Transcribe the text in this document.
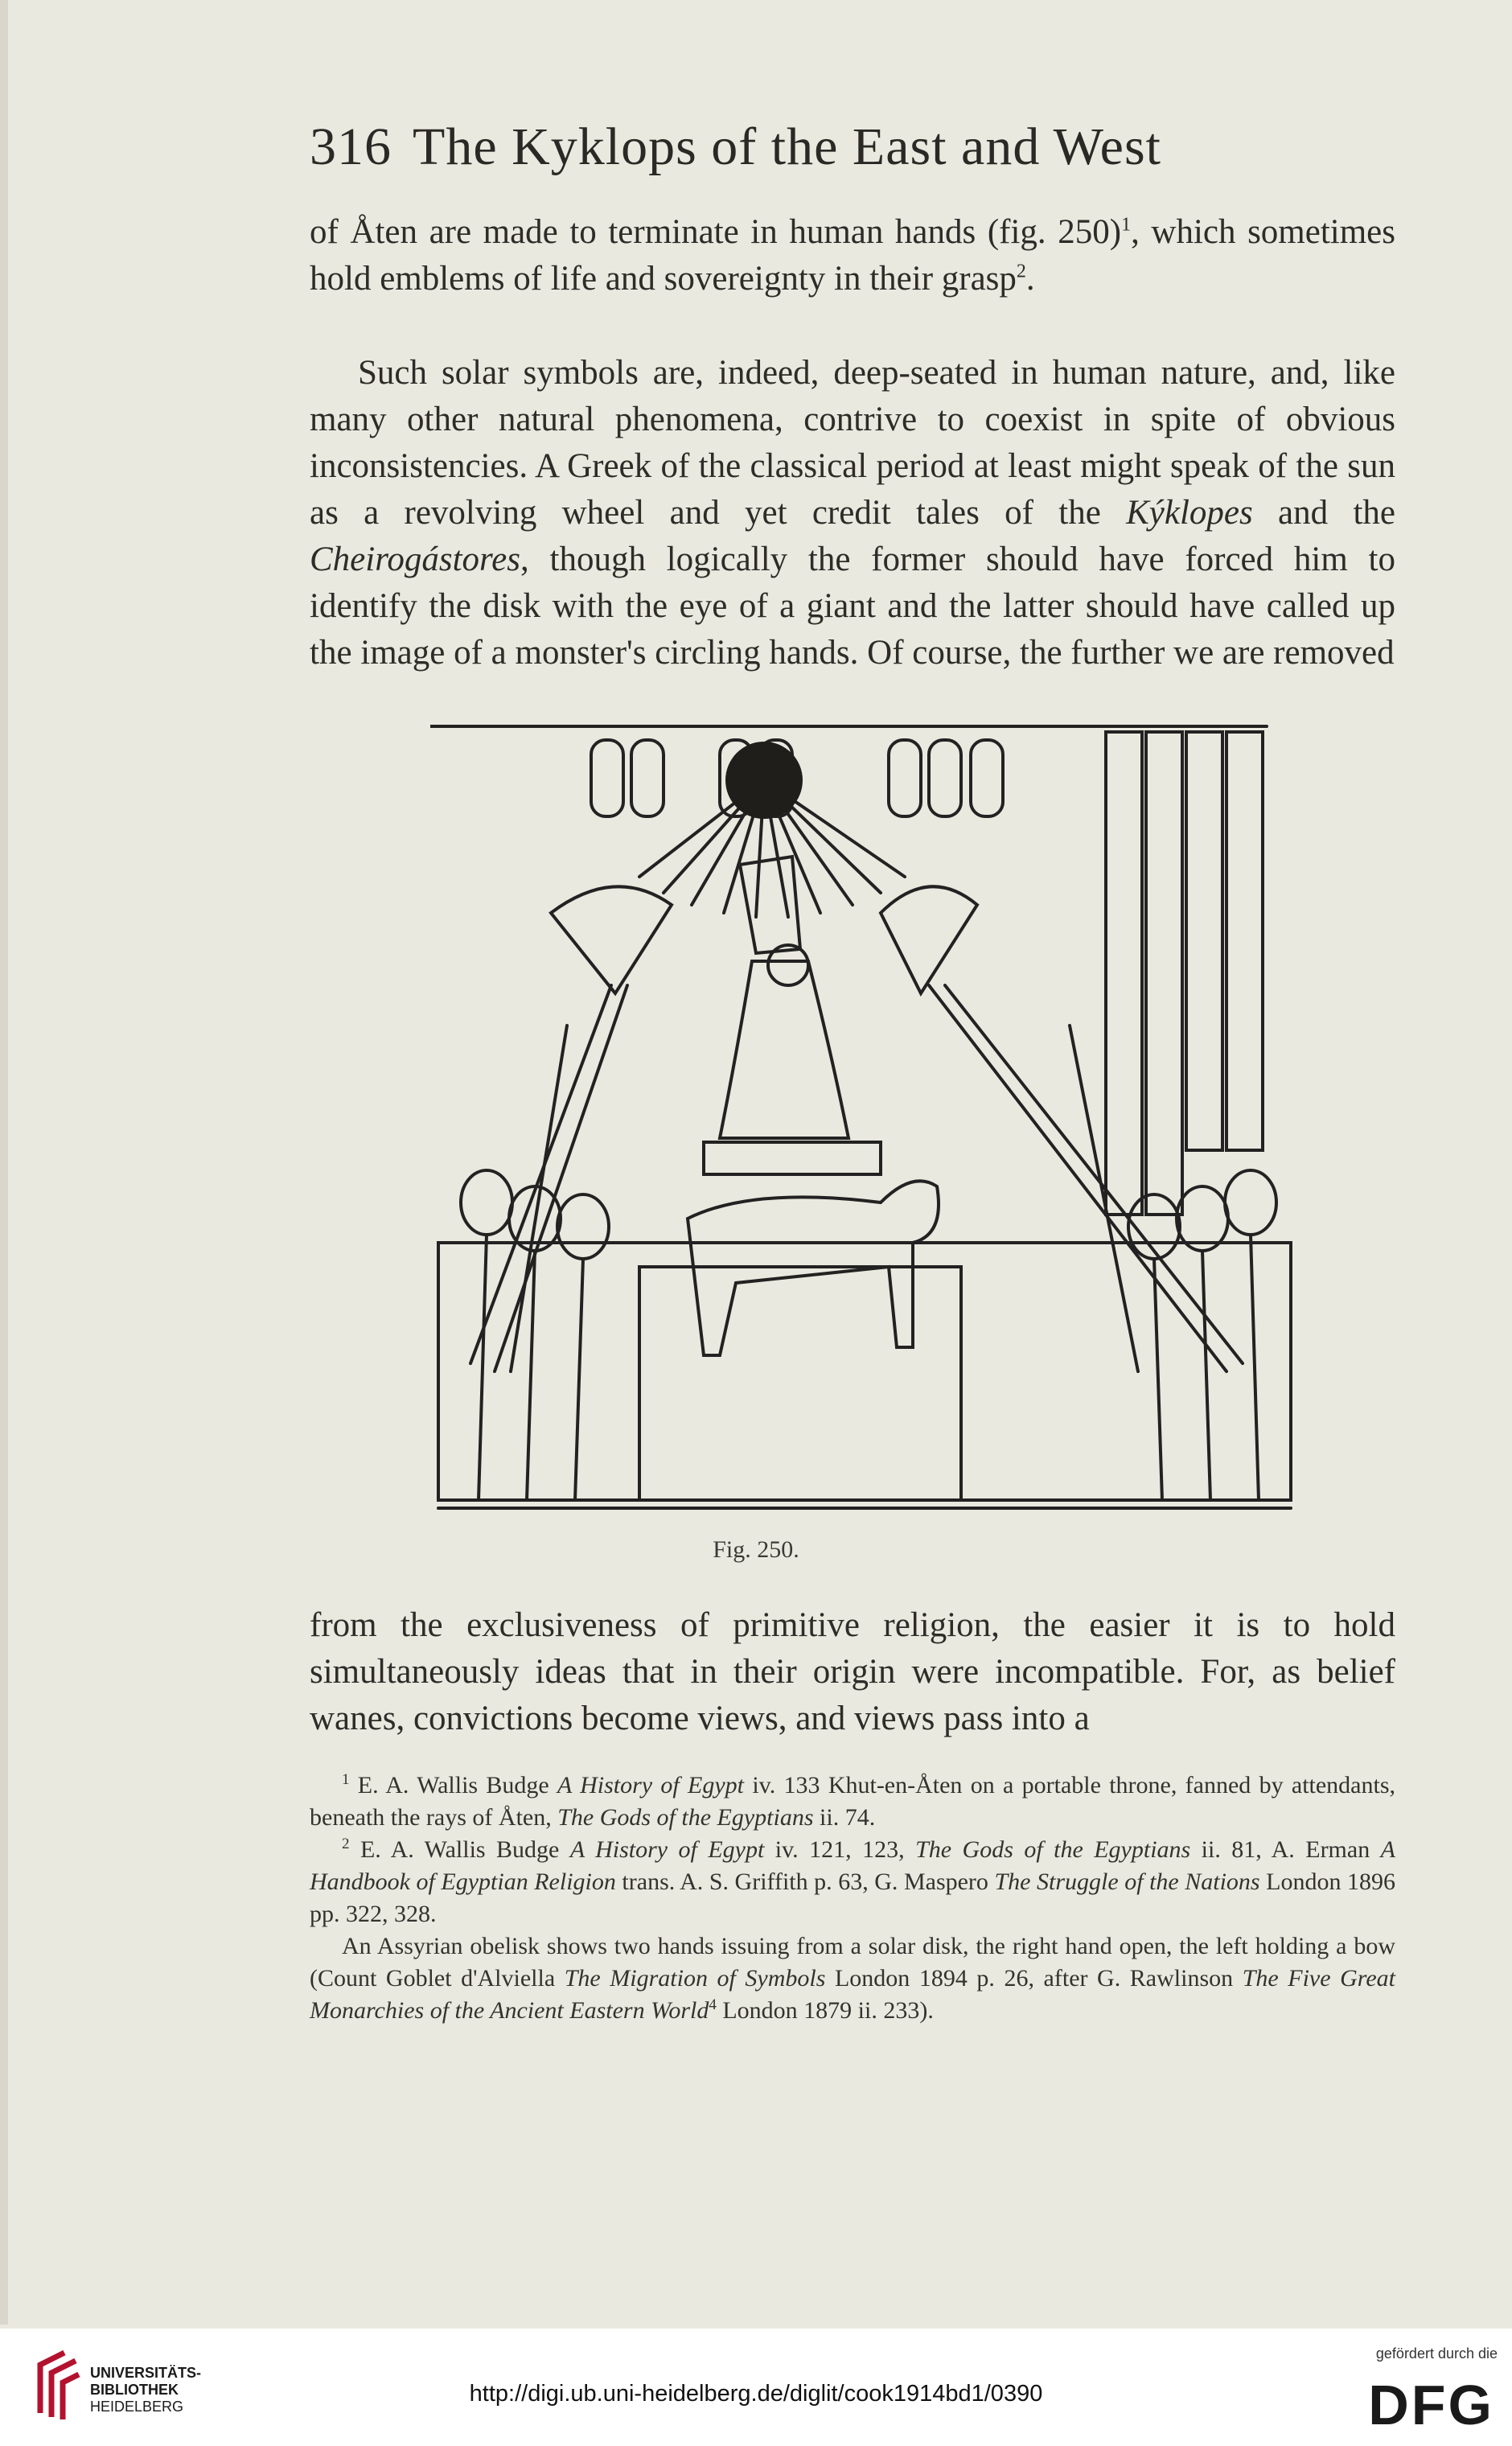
316 The Kyklops of the East and West

of Åten are made to terminate in human hands (fig. 250)$^1$, which sometimes hold emblems of life and sovereignty in their grasp$^2$.

Such solar symbols are, indeed, deep-seated in human nature, and, like many other natural phenomena, contrive to coexist in spite of obvious inconsistencies. A Greek of the classical period at least might speak of the sun as a revolving wheel and yet credit tales of the Kýklopes and the Cheirogástores, though logically the former should have forced him to identify the disk with the eye of a giant and the latter should have called up the image of a monster's circling hands. Of course, the further we are removed

Fig. 250.

from the exclusiveness of primitive religion, the easier it is to hold simultaneously ideas that in their origin were incompatible. For, as belief wanes, convictions become views, and views pass into a

$^1$ E. A. Wallis Budge A History of Egypt iv. 133 Khut-en-Åten on a portable throne, fanned by attendants, beneath the rays of Åten, The Gods of the Egyptians ii. 74.

$^2$ E. A. Wallis Budge A History of Egypt iv. 121, 123, The Gods of the Egyptians ii. 81, A. Erman A Handbook of Egyptian Religion trans. A. S. Griffith p. 63, G. Maspero The Struggle of the Nations London 1896 pp. 322, 328.

An Assyrian obelisk shows two hands issuing from a solar disk, the right hand open, the left holding a bow (Count Goblet d'Alviella The Migration of Symbols London 1894 p. 26, after G. Rawlinson The Five Great Monarchies of the Ancient Eastern World$^4$ London 1879 ii. 233).

UNIVERSITÄTS-
BIBLIOTHEK
HEIDELBERG	http://digi.ub.uni-heidelberg.de/diglit/cook1914bd1/0390
gefördert durch die
DFG
